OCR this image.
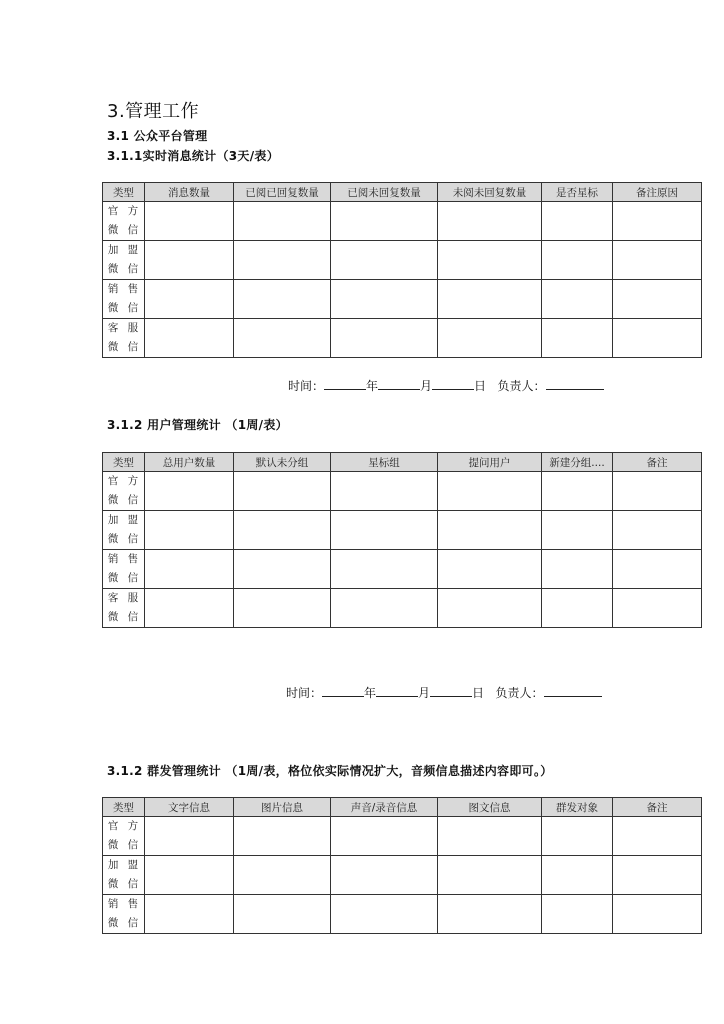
3.管理工作
3.1 公众平台管理
3.1.1实时消息统计（3天/表）
类型	消息数量	已阅已回复数量	已阅未回复数量	未阅未回复数量	是否星标	备注原因

官 方
微 信						

加 盟
微 信						

销 售
微 信						

客 服
微 信						

时间：	年	月	日 负责人：
3.1.2 用户管理统计 （1周/表）
类型	总用户数量	默认未分组	星标组	提问用户	新建分组....	备注

官 方
微 信						

加 盟
微 信						

销 售
微 信						

客 服
微 信						

时间：	年	月	日 负责人：
3.1.2 群发管理统计 （1周/表，格位依实际情况扩大，音频信息描述内容即可。）
类型	文字信息	图片信息	声音/录音信息	图文信息	群发对象	备注

官 方
微 信						

加 盟
微 信						

销 售
微 信						
